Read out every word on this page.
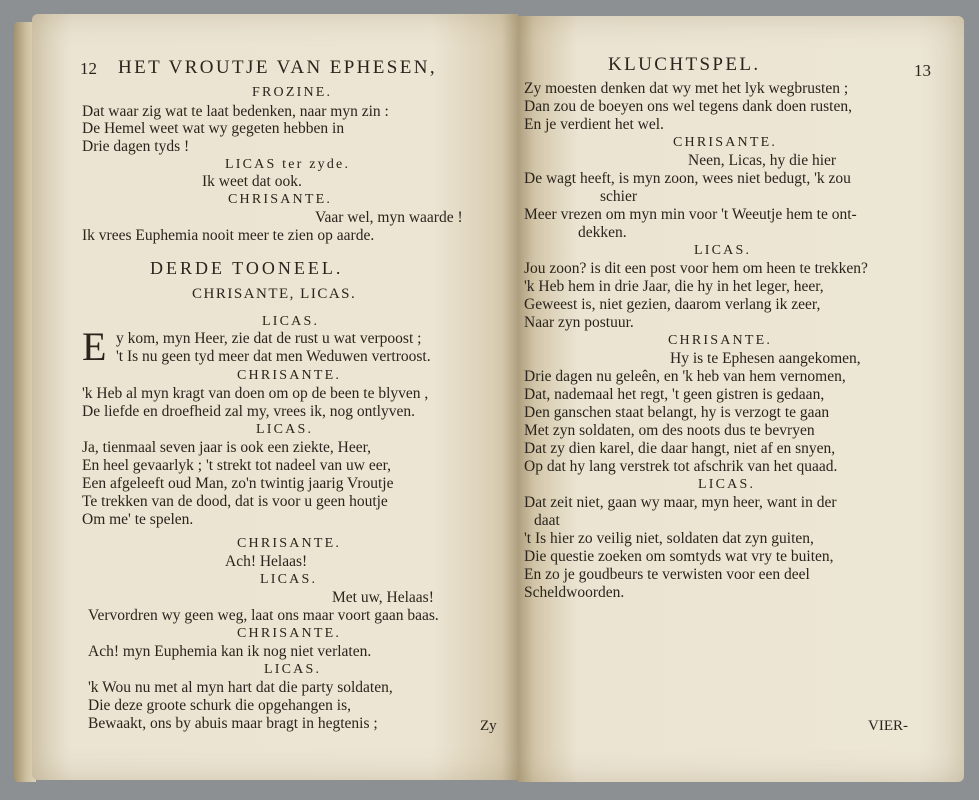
12 HET VROUTJE VAN EPHESEN,
FROZINE.
Dat waar zig wat te laat bedenken, naar myn zin :
De Hemel weet wat wy gegeten hebben in
Drie dagen tyds !
LICAS ter zyde.
Ik weet dat ook.
CHRISANTE.
Vaar wel, myn waarde !
Ik vrees Euphemia nooit meer te zien op aarde.
DERDE TOONEEL.
CHRISANTE, LICAS.
LICAS.
E y kom, myn Heer, zie dat de rust u wat verpoost ;
't Is nu geen tyd meer dat men Weduwen vertroost.
CHRISANTE.
'k Heb al myn kragt van doen om op de been te blyven ,
De liefde en droefheid zal my, vrees ik, nog ontlyven.
LICAS.
Ja, tienmaal seven jaar is ook een ziekte, Heer,
En heel gevaarlyk ; 't strekt tot nadeel van uw eer,
Een afgeleeft oud Man, zo'n twintig jaarig Vroutje
Te trekken van de dood, dat is voor u geen houtje
Om me' te spelen.
CHRISANTE.
Ach! Helaas!
LICAS.
Met uw, Helaas!
Vervordren wy geen weg, laat ons maar voort gaan baas.
CHRISANTE.
Ach! myn Euphemia kan ik nog niet verlaten.
LICAS.
'k Wou nu met al myn hart dat die party soldaten,
Die deze groote schurk die opgehangen is,
Bewaakt, ons by abuis maar bragt in hegtenis ;	Zy
KLUCHTSPEL.	13
Zy moesten denken dat wy met het lyk wegbrusten ;
Dan zou de boeyen ons wel tegens dank doen rusten,
En je verdient het wel.
CHRISANTE.
Neen, Licas, hy die hier
De wagt heeft, is myn zoon, wees niet bedugt, 'k zou
schier
Meer vrezen om myn min voor 't Weeutje hem te ont-
dekken.
LICAS.
Jou zoon? is dit een post voor hem om heen te trekken?
'k Heb hem in drie Jaar, die hy in het leger, heer,
Geweest is, niet gezien, daarom verlang ik zeer,
Naar zyn postuur.
CHRISANTE.
Hy is te Ephesen aangekomen,
Drie dagen nu geleên, en 'k heb van hem vernomen,
Dat, nademaal het regt, 't geen gistren is gedaan,
Den ganschen staat belangt, hy is verzogt te gaan
Met zyn soldaten, om des noots dus te bevryen
Dat zy dien karel, die daar hangt, niet af en snyen,
Op dat hy lang verstrek tot afschrik van het quaad.
LICAS.
Dat zeit niet, gaan wy maar, myn heer, want in der
daat
't Is hier zo veilig niet, soldaten dat zyn guiten,
Die questie zoeken om somtyds wat vry te buiten,
En zo je goudbeurs te verwisten voor een deel
Scheldwoorden.
VIER-
